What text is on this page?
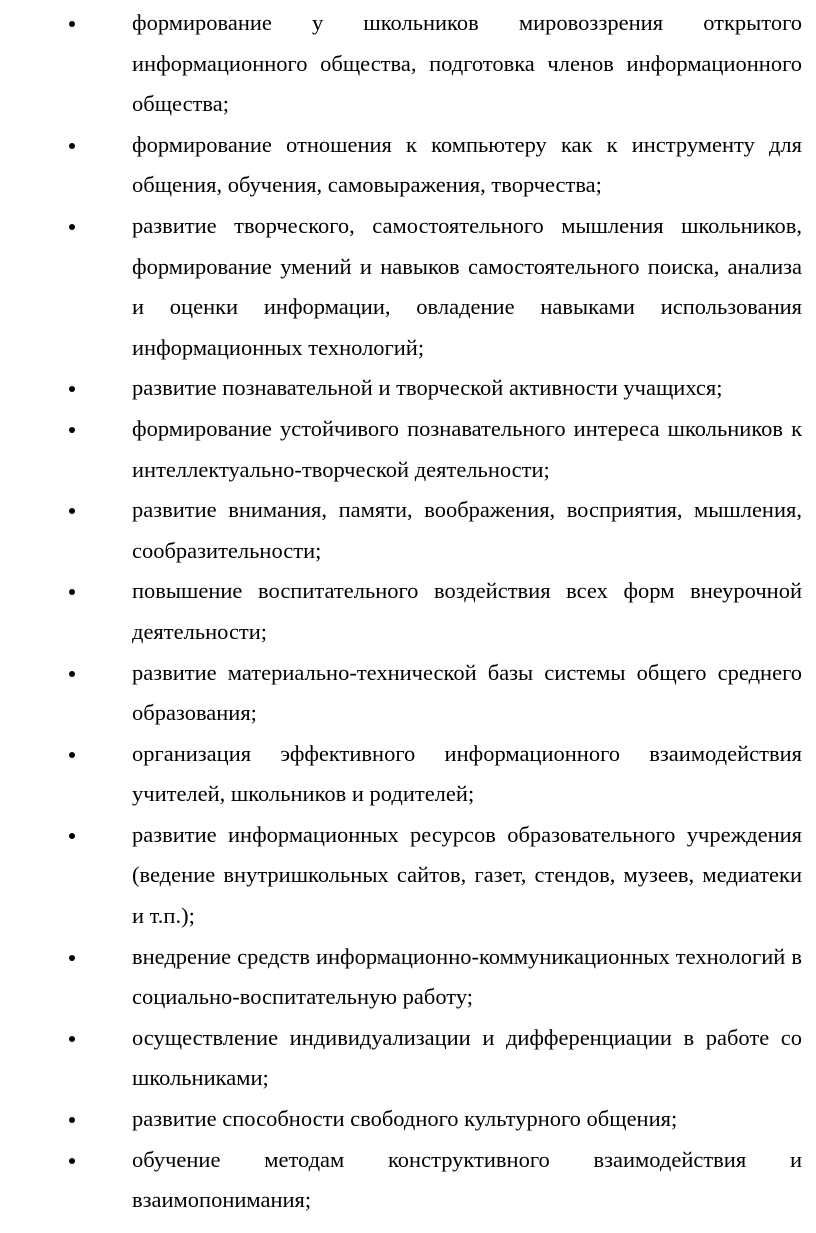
формирование у школьников мировоззрения открытого информационного общества, подготовка членов информационного общества;
формирование отношения к компьютеру как к инструменту для общения, обучения, самовыражения, творчества;
развитие творческого, самостоятельного мышления школьников, формирование умений и навыков самостоятельного поиска, анализа и оценки информации, овладение навыками использования информационных технологий;
развитие познавательной и творческой активности учащихся;
формирование устойчивого познавательного интереса школьников к интеллектуально-творческой деятельности;
развитие внимания, памяти, воображения, восприятия, мышления, сообразительности;
повышение воспитательного воздействия всех форм внеурочной деятельности;
развитие материально-технической базы системы общего среднего образования;
организация эффективного информационного взаимодействия учителей, школьников и родителей;
развитие информационных ресурсов образовательного учреждения (ведение внутришкольных сайтов, газет, стендов, музеев, медиатеки и т.п.);
внедрение средств информационно-коммуникационных технологий в социально-воспитательную работу;
осуществление индивидуализации и дифференциации в работе со школьниками;
развитие способности свободного культурного общения;
обучение методам конструктивного взаимодействия и взаимопонимания;
